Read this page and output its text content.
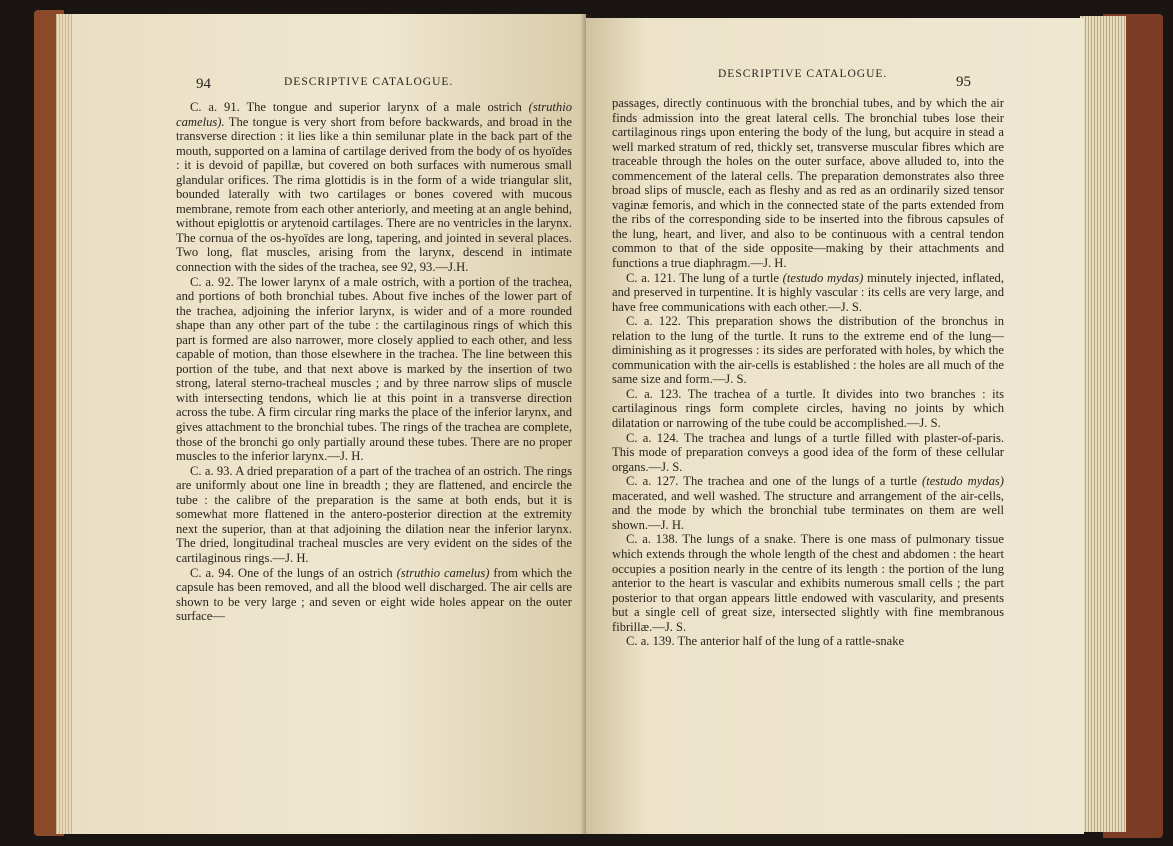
94	DESCRIPTIVE CATALOGUE.

C. a. 91. The tongue and superior larynx of a male ostrich (struthio camelus). The tongue is very short from before backwards, and broad in the transverse direction : it lies like a thin semilunar plate in the back part of the mouth, supported on a lamina of cartilage derived from the body of os hyoïdes : it is devoid of papillæ, but covered on both surfaces with numerous small glandular orifices. The rima glottidis is in the form of a wide triangular slit, bounded laterally with two cartilages or bones covered with mucous membrane, remote from each other anteriorly, and meeting at an angle behind, without epiglottis or arytenoid cartilages. There are no ventricles in the larynx. The cornua of the os-hyoïdes are long, tapering, and jointed in several places. Two long, flat muscles, arising from the larynx, descend in intimate connection with the sides of the trachea, see 92, 93.—J.H.

C. a. 92. The lower larynx of a male ostrich, with a portion of the trachea, and portions of both bronchial tubes. About five inches of the lower part of the trachea, adjoining the inferior larynx, is wider and of a more rounded shape than any other part of the tube : the cartilaginous rings of which this part is formed are also narrower, more closely applied to each other, and less capable of motion, than those elsewhere in the trachea. The line between this portion of the tube, and that next above is marked by the insertion of two strong, lateral sterno-tracheal muscles ; and by three narrow slips of muscle with intersecting tendons, which lie at this point in a transverse direction across the tube. A firm circular ring marks the place of the inferior larynx, and gives attachment to the bronchial tubes. The rings of the trachea are complete, those of the bronchi go only partially around these tubes. There are no proper muscles to the inferior larynx.—J. H.

C. a. 93. A dried preparation of a part of the trachea of an ostrich. The rings are uniformly about one line in breadth ; they are flattened, and encircle the tube : the calibre of the preparation is the same at both ends, but it is somewhat more flattened in the antero-posterior direction at the extremity next the superior, than at that adjoining the dilation near the inferior larynx. The dried, longitudinal tracheal muscles are very evident on the sides of the cartilaginous rings.—J. H.

C. a. 94. One of the lungs of an ostrich (struthio camelus) from which the capsule has been removed, and all the blood well discharged. The air cells are shown to be very large ; and seven or eight wide holes appear on the outer surface—

DESCRIPTIVE CATALOGUE.	95

passages, directly continuous with the bronchial tubes, and by which the air finds admission into the great lateral cells. The bronchial tubes lose their cartilaginous rings upon entering the body of the lung, but acquire in stead a well marked stratum of red, thickly set, transverse muscular fibres which are traceable through the holes on the outer surface, above alluded to, into the commencement of the lateral cells. The preparation demonstrates also three broad slips of muscle, each as fleshy and as red as an ordinarily sized tensor vaginæ femoris, and which in the connected state of the parts extended from the ribs of the corresponding side to be inserted into the fibrous capsules of the lung, heart, and liver, and also to be continuous with a central tendon common to that of the side opposite—making by their attachments and functions a true diaphragm.—J. H.

C. a. 121. The lung of a turtle (testudo mydas) minutely injected, inflated, and preserved in turpentine. It is highly vascular : its cells are very large, and have free communications with each other.—J. S.

C. a. 122. This preparation shows the distribution of the bronchus in relation to the lung of the turtle. It runs to the extreme end of the lung—diminishing as it progresses : its sides are perforated with holes, by which the communication with the air-cells is established : the holes are all much of the same size and form.—J. S.

C. a. 123. The trachea of a turtle. It divides into two branches : its cartilaginous rings form complete circles, having no joints by which dilatation or narrowing of the tube could be accomplished.—J. S.

C. a. 124. The trachea and lungs of a turtle filled with plaster-of-paris. This mode of preparation conveys a good idea of the form of these cellular organs.—J. S.

C. a. 127. The trachea and one of the lungs of a turtle (testudo mydas) macerated, and well washed. The structure and arrangement of the air-cells, and the mode by which the bronchial tube terminates on them are well shown.—J. H.

C. a. 138. The lungs of a snake. There is one mass of pulmonary tissue which extends through the whole length of the chest and abdomen : the heart occupies a position nearly in the centre of its length : the portion of the lung anterior to the heart is vascular and exhibits numerous small cells ; the part posterior to that organ appears little endowed with vascularity, and presents but a single cell of great size, intersected slightly with fine membranous fibrillæ.—J. S.

C. a. 139. The anterior half of the lung of a rattle-snake
